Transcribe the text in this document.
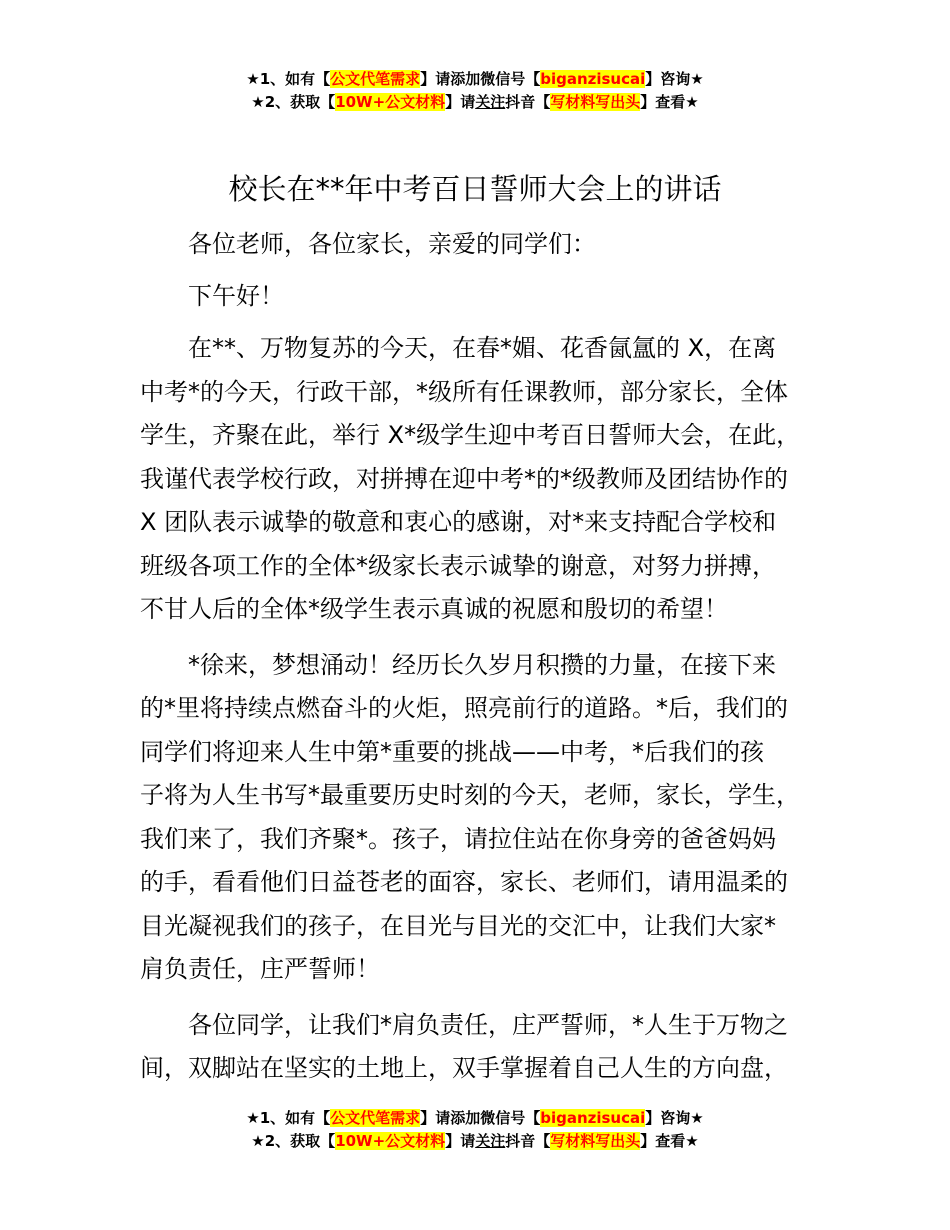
★1、如有【公文代笔需求】请添加微信号【biganzisucai】咨询★
★2、获取【10W+公文材料】请关注抖音【写材料写出头】查看★
校长在**年中考百日誓师大会上的讲话

各位老师，各位家长，亲爱的同学们：

下午好！

在**、万物复苏的今天，在春*媚、花香氤氲的 X，在离
中考*的今天，行政干部，*级所有任课教师，部分家长，全体
学生，齐聚在此，举行 X*级学生迎中考百日誓师大会，在此，
我谨代表学校行政，对拼搏在迎中考*的*级教师及团结协作的
X 团队表示诚挚的敬意和衷心的感谢，对*来支持配合学校和
班级各项工作的全体*级家长表示诚挚的谢意，对努力拼搏，
不甘人后的全体*级学生表示真诚的祝愿和殷切的希望！

*徐来，梦想涌动！经历长久岁月积攒的力量，在接下来
的*里将持续点燃奋斗的火炬，照亮前行的道路。*后，我们的
同学们将迎来人生中第*重要的挑战——中考，*后我们的孩
子将为人生书写*最重要历史时刻的今天，老师，家长，学生，
我们来了，我们齐聚*。孩子，请拉住站在你身旁的爸爸妈妈
的手，看看他们日益苍老的面容，家长、老师们，请用温柔的
目光凝视我们的孩子，在目光与目光的交汇中，让我们大家*
肩负责任，庄严誓师！

各位同学，让我们*肩负责任，庄严誓师，*人生于万物之
间，双脚站在坚实的土地上，双手掌握着自己人生的方向盘，

★1、如有【公文代笔需求】请添加微信号【biganzisucai】咨询★
★2、获取【10W+公文材料】请关注抖音【写材料写出头】查看★
